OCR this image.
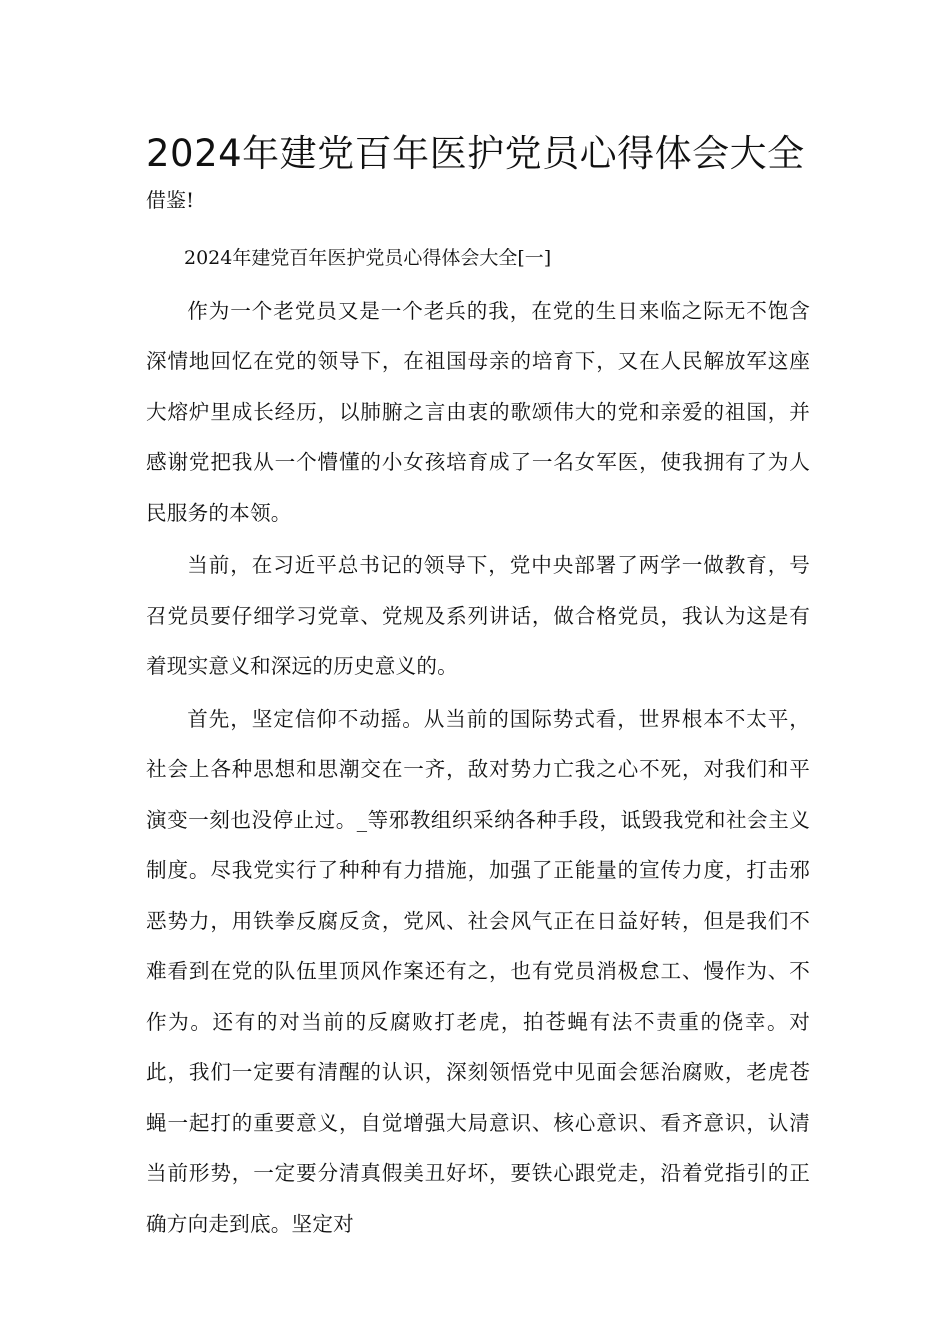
2024年建党百年医护党员心得体会大全
借鉴!

2024年建党百年医护党员心得体会大全[一]

作为一个老党员又是一个老兵的我，在党的生日来临之际无不饱含深情地回忆在党的领导下，在祖国母亲的培育下，又在人民解放军这座大熔炉里成长经历，以肺腑之言由衷的歌颂伟大的党和亲爱的祖国，并感谢党把我从一个懵懂的小女孩培育成了一名女军医，使我拥有了为人民服务的本领。

当前，在习近平总书记的领导下，党中央部署了两学一做教育，号召党员要仔细学习党章、党规及系列讲话，做合格党员，我认为这是有着现实意义和深远的历史意义的。

首先，坚定信仰不动摇。从当前的国际势式看，世界根本不太平，社会上各种思想和思潮交在一齐，敌对势力亡我之心不死，对我们和平演变一刻也没停止过。_等邪教组织采纳各种手段，诋毁我党和社会主义制度。尽我党实行了种种有力措施，加强了正能量的宣传力度，打击邪恶势力，用铁拳反腐反贪，党风、社会风气正在日益好转，但是我们不难看到在党的队伍里顶风作案还有之，也有党员消极怠工、慢作为、不作为。还有的对当前的反腐败打老虎，拍苍蝇有法不责重的侥幸。对此，我们一定要有清醒的认识，深刻领悟党中见面会惩治腐败，老虎苍蝇一起打的重要意义，自觉增强大局意识、核心意识、看齐意识，认清当前形势，一定要分清真假美丑好坏，要铁心跟党走，沿着党指引的正确方向走到底。坚定对
